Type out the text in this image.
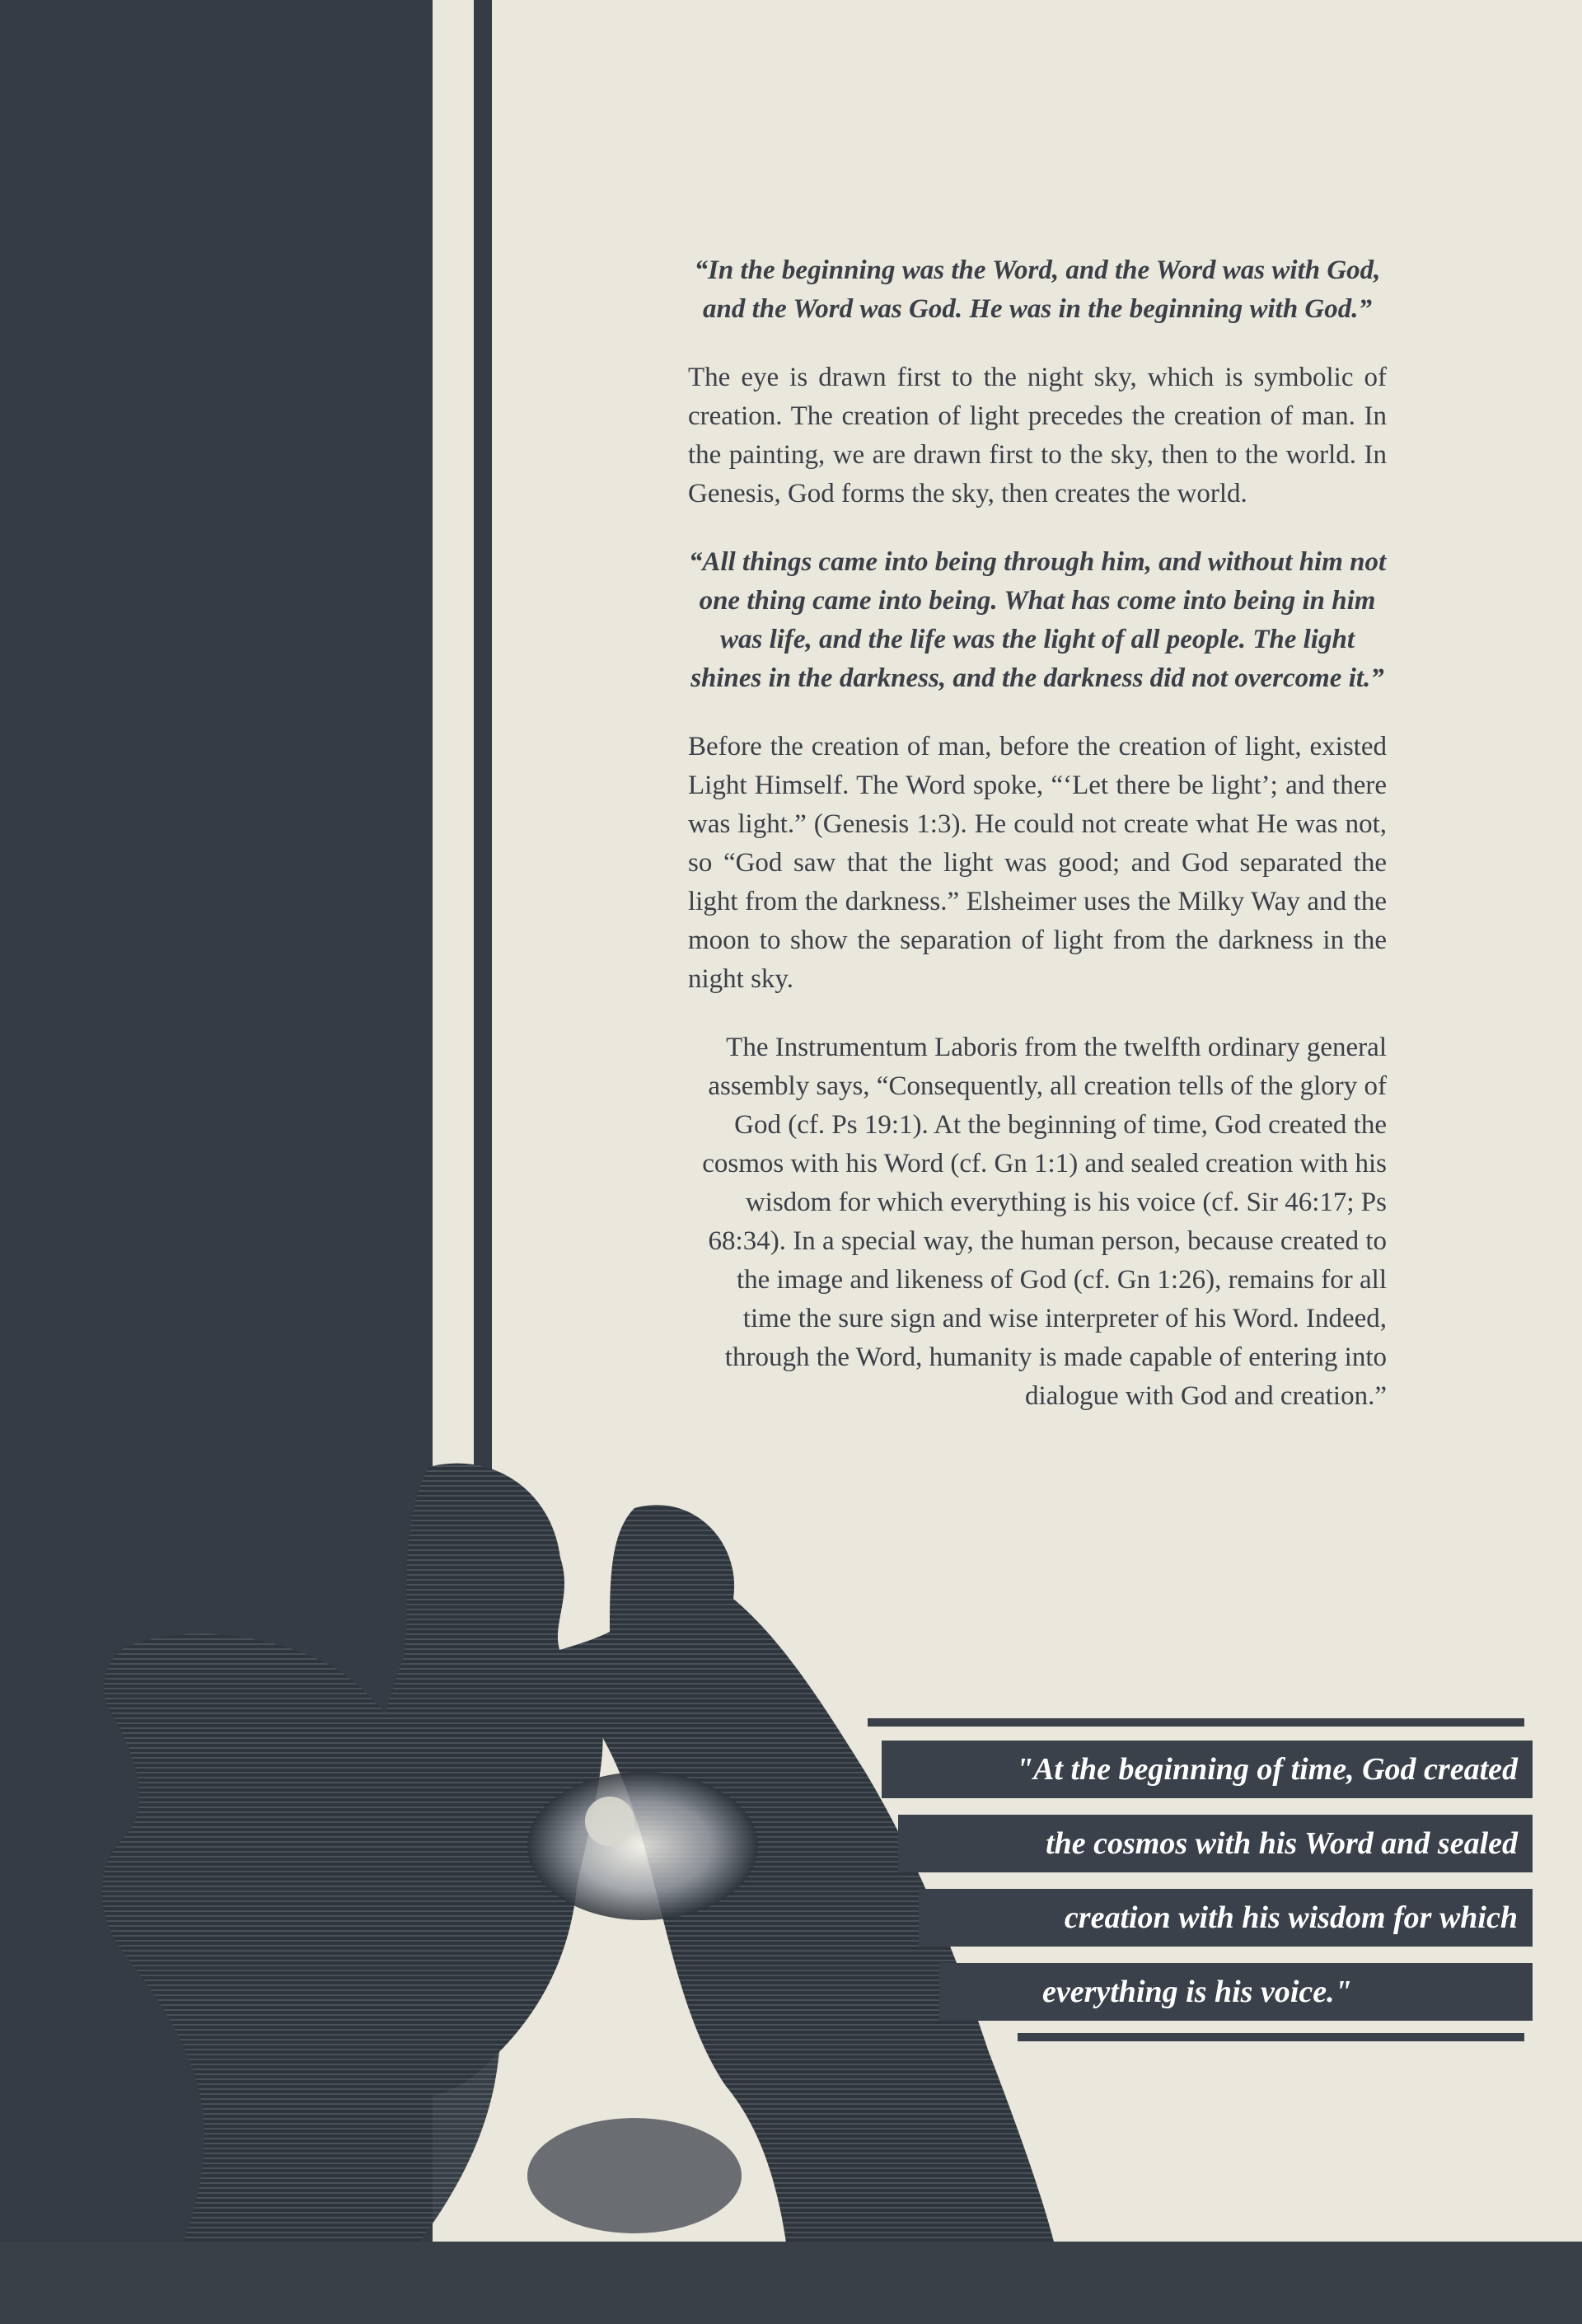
“In the beginning was the Word, and the Word was with God, and the Word was God. He was in the beginning with God.”

The eye is drawn first to the night sky, which is symbolic of creation. The creation of light precedes the creation of man. In the painting, we are drawn first to the sky, then to the world. In Genesis, God forms the sky, then creates the world.

“All things came into being through him, and without him not one thing came into being. What has come into being in him was life, and the life was the light of all people. The light shines in the darkness, and the darkness did not overcome it.”

Before the creation of man, before the creation of light, existed Light Himself. The Word spoke, “‘Let there be light’; and there was light.” (Genesis 1:3). He could not create what He was not, so “God saw that the light was good; and God separated the light from the darkness.” Elsheimer uses the Milky Way and the moon to show the separation of light from the darkness in the night sky.

The Instrumentum Laboris from the twelfth ordinary general assembly says, “Consequently, all creation tells of the glory of God (cf. Ps 19:1). At the beginning of time, God created the cosmos with his Word (cf. Gn 1:1) and sealed creation with his wisdom for which everything is his voice (cf. Sir 46:17; Ps 68:34). In a special way, the human person, because created to the image and likeness of God (cf. Gn 1:26), remains for all time the sure sign and wise interpreter of his Word. Indeed, through the Word, humanity is made capable of entering into dialogue with God and creation.”

"At the beginning of time, God created
the cosmos with his Word and sealed
creation with his wisdom for which
everything is his voice."
